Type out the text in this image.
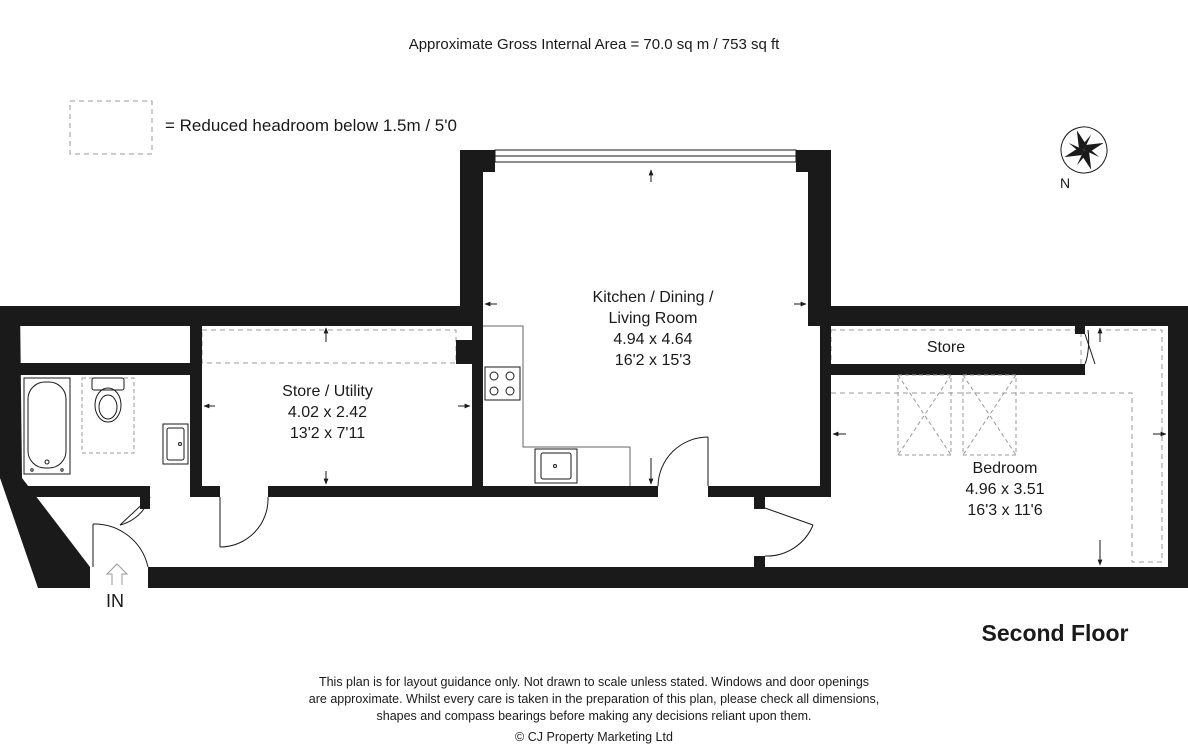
Approximate Gross Internal Area = 70.0 sq m / 753 sq ft
= Reduced headroom below 1.5m / 5'0
N
IN
Kitchen / Dining /
Living Room
4.94 x 4.64
16'2 x 15'3
Store / Utility
4.02 x 2.42
13'2 x 7'11
Store
Bedroom
4.96 x 3.51
16'3 x 11'6
Second Floor
This plan is for layout guidance only. Not drawn to scale unless stated. Windows and door openings
are approximate. Whilst every care is taken in the preparation of this plan, please check all dimensions,
shapes and compass bearings before making any decisions reliant upon them.
© CJ Property Marketing Ltd
